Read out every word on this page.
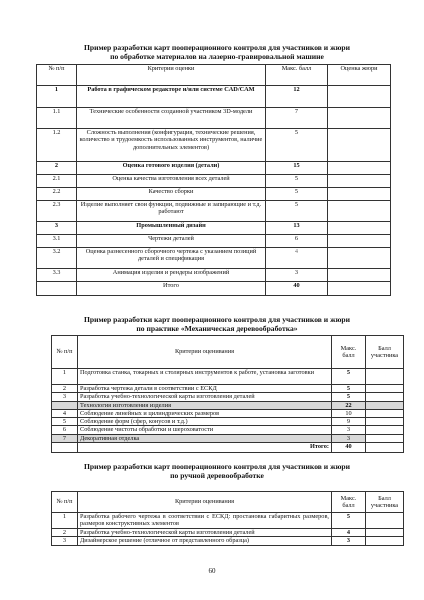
Пример разработки карт пооперационного контроля для участников и жюри
по обработке материалов на лазерно-гравировальной машине
№ п/п	Критерии оценки	Макс. балл	Оценка жюри
1	Работа в графическом редакторе и/или системе CAD/CAM	12	
1.1	Технические особенности созданной участником 3D-модели	7	
1.2	Сложность выполнения (конфигурация, технические решения, количество и трудоемкость использованных инструментов, наличие дополнительных элементов)	5	
2	Оценка готового изделия (детали)	15	
2.1	Оценка качества изготовления всех деталей	5	
2.2	Качество сборки	5	
2.3	Изделие выполняет свои функции, подвижные и запирающие и т.д. работают	5	
3	Промышленный дизайн	13	
3.1	Чертежи деталей	6	
3.2	Оценка разнесенного сборочного чертежа с указанием позиций деталей и спецификация	4	
3.3	Анимация изделия и рендеры изображений	3	
	Итого	40	
Пример разработки карт пооперационного контроля для участников и жюри
по практике «Механическая деревообработка»
№ п/п	Критерии оценивания	Макс. балл	Балл участника
1	Подготовка станка, токарных и столярных инструментов к работе, установка заготовки	5	
2	Разработка чертежа детали в соответствии с ЕСКД	5	
3	Разработка учебно-технологической карты изготовления деталей	5	
	Технология изготовления изделия	22	
4	Соблюдение линейных и цилиндрических размеров	10	
5	Соблюдение форм (сфер, конусов и т.д.)	9	
6	Соблюдение чистоты обработки и шероховатости	3	
7	Декоративная отделка	3	
	Итого:	40	
Пример разработки карт пооперационного контроля для участников и жюри
по ручной деревообработке
№ п/п	Критерии оценивания	Макс. балл	Балл участника
1	Разработка рабочего чертежа в соответствии с ЕСКД: простановка габаритных размеров, размеров конструктивных элементов	5	
2	Разработка учебно-технологической карты изготовления деталей	4	
3	Дизайнерское решение (отличное от представленного образца)	3	
60
